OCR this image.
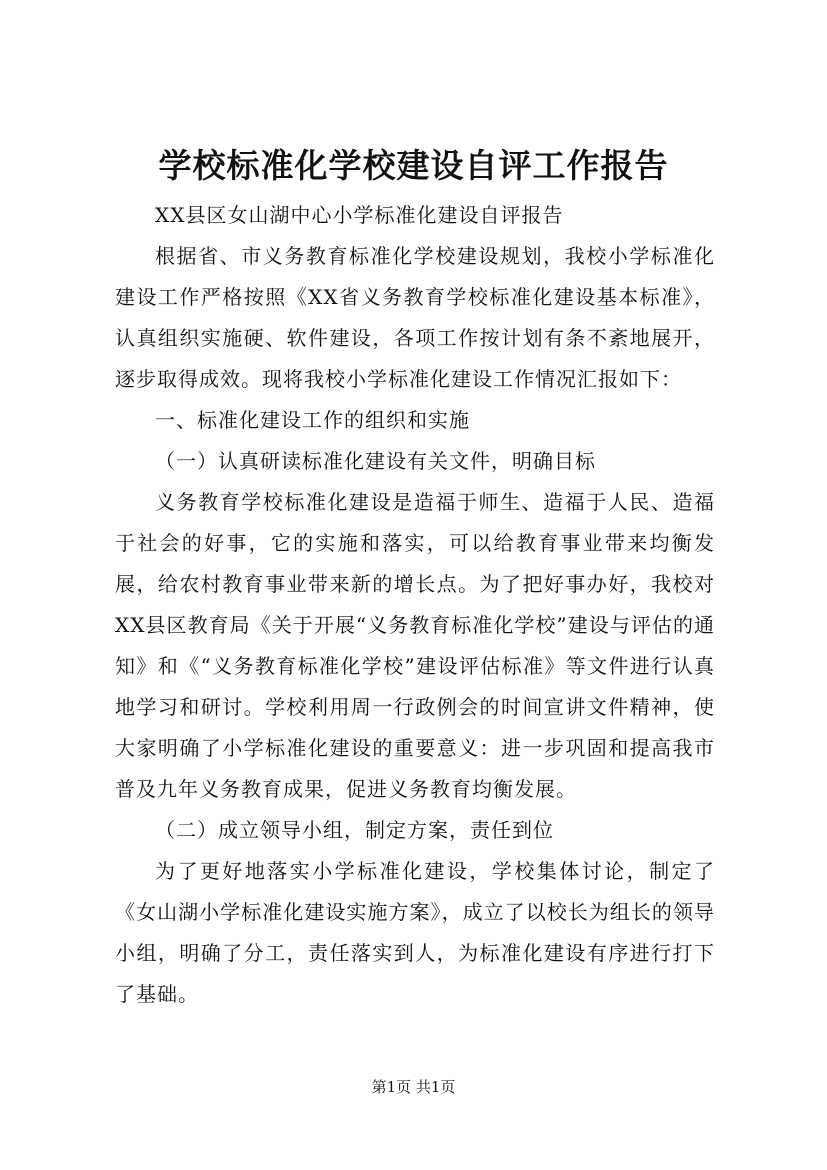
学校标准化学校建设自评工作报告

XX县区女山湖中心小学标准化建设自评报告

根据省、市义务教育标准化学校建设规划，我校小学标准化建设工作严格按照《XX省义务教育学校标准化建设基本标准》，认真组织实施硬、软件建设，各项工作按计划有条不紊地展开，逐步取得成效。现将我校小学标准化建设工作情况汇报如下：

一、标准化建设工作的组织和实施

（一）认真研读标准化建设有关文件，明确目标

义务教育学校标准化建设是造福于师生、造福于人民、造福于社会的好事，它的实施和落实，可以给教育事业带来均衡发展，给农村教育事业带来新的增长点。为了把好事办好，我校对XX县区教育局《关于开展“义务教育标准化学校”建设与评估的通知》和《“义务教育标准化学校”建设评估标准》等文件进行认真地学习和研讨。学校利用周一行政例会的时间宣讲文件精神，使大家明确了小学标准化建设的重要意义：进一步巩固和提高我市普及九年义务教育成果，促进义务教育均衡发展。

（二）成立领导小组，制定方案，责任到位

为了更好地落实小学标准化建设，学校集体讨论，制定了《女山湖小学标准化建设实施方案》，成立了以校长为组长的领导小组，明确了分工，责任落实到人，为标准化建设有序进行打下了基础。

第1页 共1页
